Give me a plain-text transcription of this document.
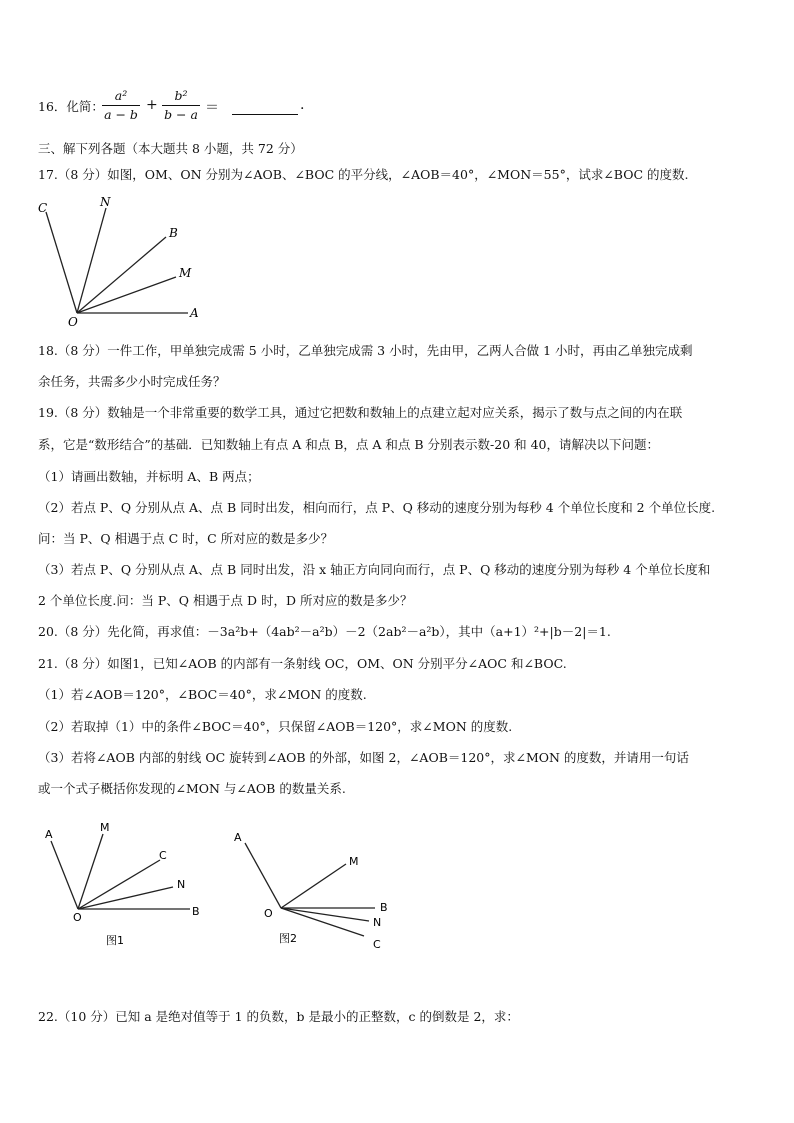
16．化简：
a²
a − b
+
b²
b − a ＝	.
三、解下列各题（本大题共 8 小题，共 72 分）
17.（8 分）如图，OM、ON 分别为∠AOB、∠BOC 的平分线，∠AOB＝40°，∠MON＝55°，试求∠BOC 的度数.
C	N
B
M
A
O
18.（8 分）一件工作，甲单独完成需 5 小时，乙单独完成需 3 小时，先由甲，乙两人合做 1 小时，再由乙单独完成剩
余任务，共需多少小时完成任务？
19.（8 分）数轴是一个非常重要的数学工具，通过它把数和数轴上的点建立起对应关系，揭示了数与点之间的内在联
系，它是“数形结合”的基础．已知数轴上有点 A 和点 B，点 A 和点 B 分别表示数-20 和 40，请解决以下问题：
（1）请画出数轴，并标明 A、B 两点；
（2）若点 P、Q 分别从点 A、点 B 同时出发，相向而行，点 P、Q 移动的速度分别为每秒 4 个单位长度和 2 个单位长度.
问：当 P、Q 相遇于点 C 时，C 所对应的数是多少？
（3）若点 P、Q 分别从点 A、点 B 同时出发，沿 x 轴正方向同向而行，点 P、Q 移动的速度分别为每秒 4 个单位长度和
2 个单位长度.问：当 P、Q 相遇于点 D 时，D 所对应的数是多少？
20.（8 分）先化简，再求值：－3a²b+（4ab²－a²b）－2（2ab²－a²b），其中（a+1）²+|b－2|＝1.
21.（8 分）如图1，已知∠AOB 的内部有一条射线 OC，OM、ON 分别平分∠AOC 和∠BOC.
（1）若∠AOB＝120°，∠BOC＝40°，求∠MON 的度数.
（2）若取掉（1）中的条件∠BOC＝40°，只保留∠AOB＝120°，求∠MON 的度数.
（3）若将∠AOB 内部的射线 OC 旋转到∠AOB 的外部，如图 2，∠AOB＝120°，求∠MON 的度数，并请用一句话
或一个式子概括你发现的∠MON 与∠AOB 的数量关系.
A
M
C
N
O	B
图1
A
M
B
N
C
O
图2
22.（10 分）已知 a 是绝对值等于 1 的负数，b 是最小的正整数，c 的倒数是 2，求：
